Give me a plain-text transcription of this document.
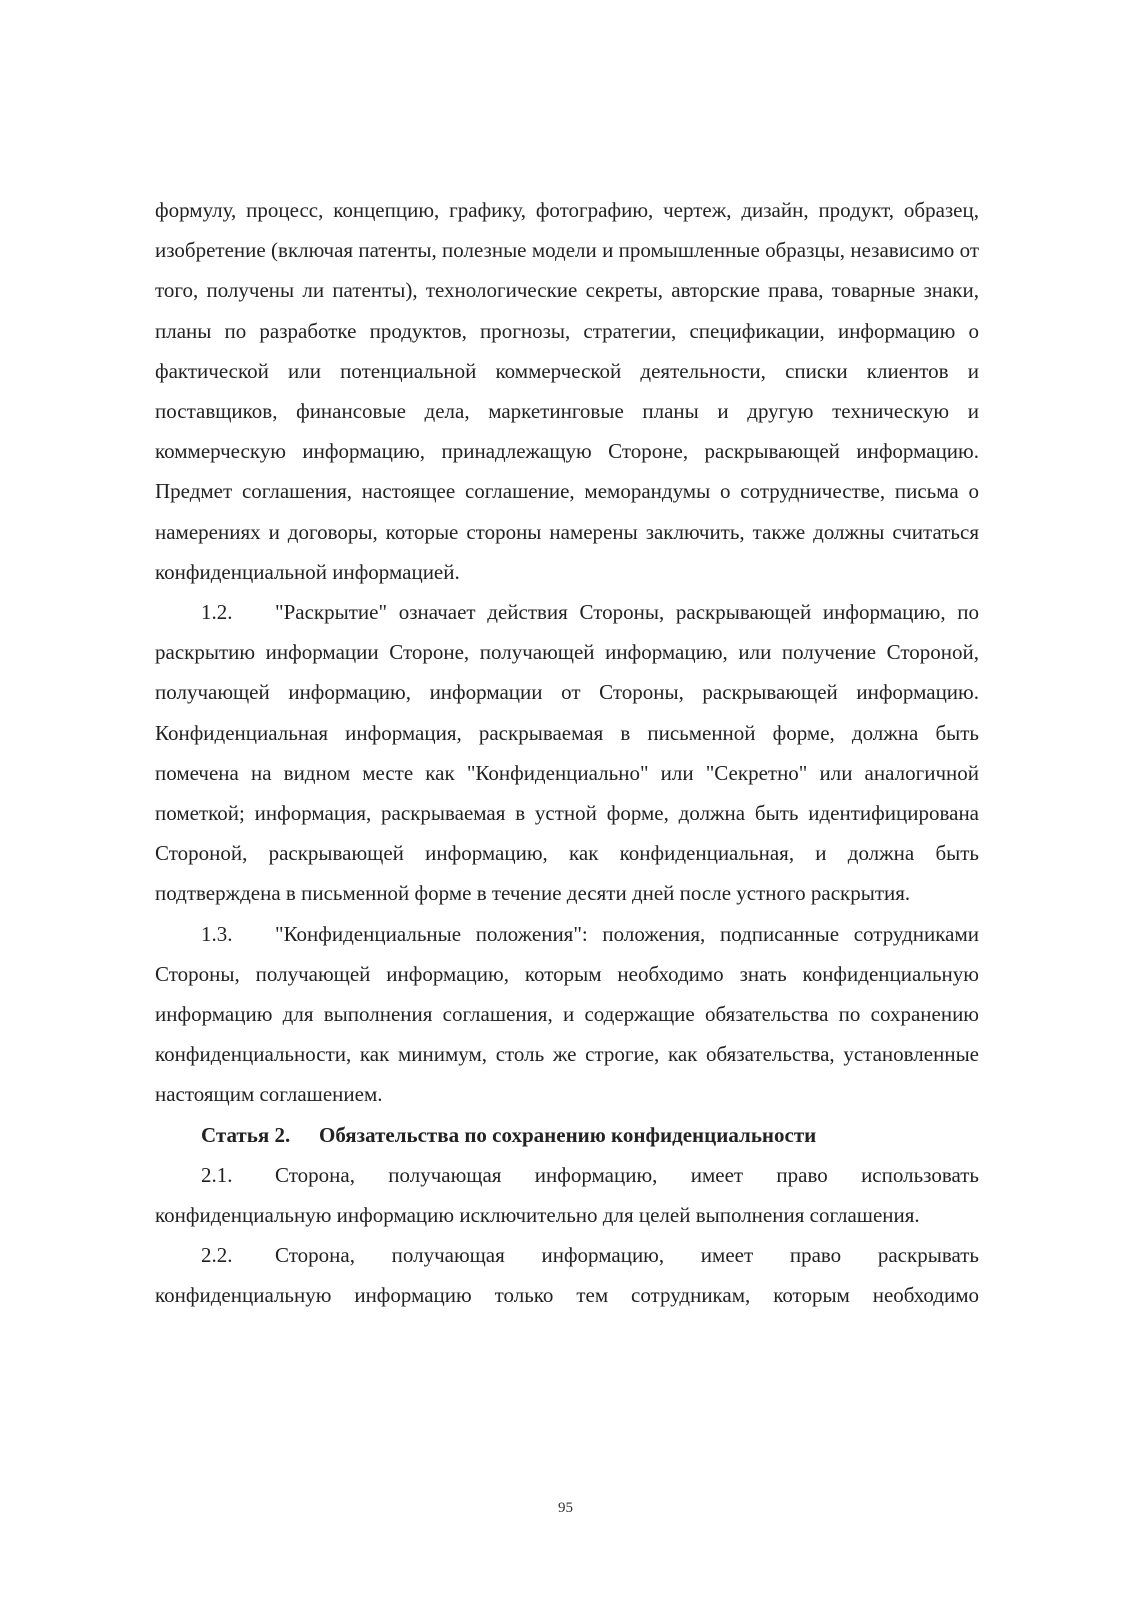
формулу, процесс, концепцию, графику, фотографию, чертеж, дизайн, продукт, образец, изобретение (включая патенты, полезные модели и промышленные образцы, независимо от того, получены ли патенты), технологические секреты, авторские права, товарные знаки, планы по разработке продуктов, прогнозы, стратегии, спецификации, информацию о фактической или потенциальной коммерческой деятельности, списки клиентов и поставщиков, финансовые дела, маркетинговые планы и другую техническую и коммерческую информацию, принадлежащую Стороне, раскрывающей информацию. Предмет соглашения, настоящее соглашение, меморандумы о сотрудничестве, письма о намерениях и договоры, которые стороны намерены заключить, также должны считаться конфиденциальной информацией.

1.2. "Раскрытие" означает действия Стороны, раскрывающей информацию, по раскрытию информации Стороне, получающей информацию, или получение Стороной, получающей информацию, информации от Стороны, раскрывающей информацию. Конфиденциальная информация, раскрываемая в письменной форме, должна быть помечена на видном месте как "Конфиденциально" или "Секретно" или аналогичной пометкой; информация, раскрываемая в устной форме, должна быть идентифицирована Стороной, раскрывающей информацию, как конфиденциальная, и должна быть подтверждена в письменной форме в течение десяти дней после устного раскрытия.

1.3. "Конфиденциальные положения": положения, подписанные сотрудниками Стороны, получающей информацию, которым необходимо знать конфиденциальную информацию для выполнения соглашения, и содержащие обязательства по сохранению конфиденциальности, как минимум, столь же строгие, как обязательства, установленные настоящим соглашением.

Статья 2. Обязательства по сохранению конфиденциальности

2.1. Сторона, получающая информацию, имеет право использовать конфиденциальную информацию исключительно для целей выполнения соглашения.

2.2. Сторона, получающая информацию, имеет право раскрывать конфиденциальную информацию только тем сотрудникам, которым необходимо

95
